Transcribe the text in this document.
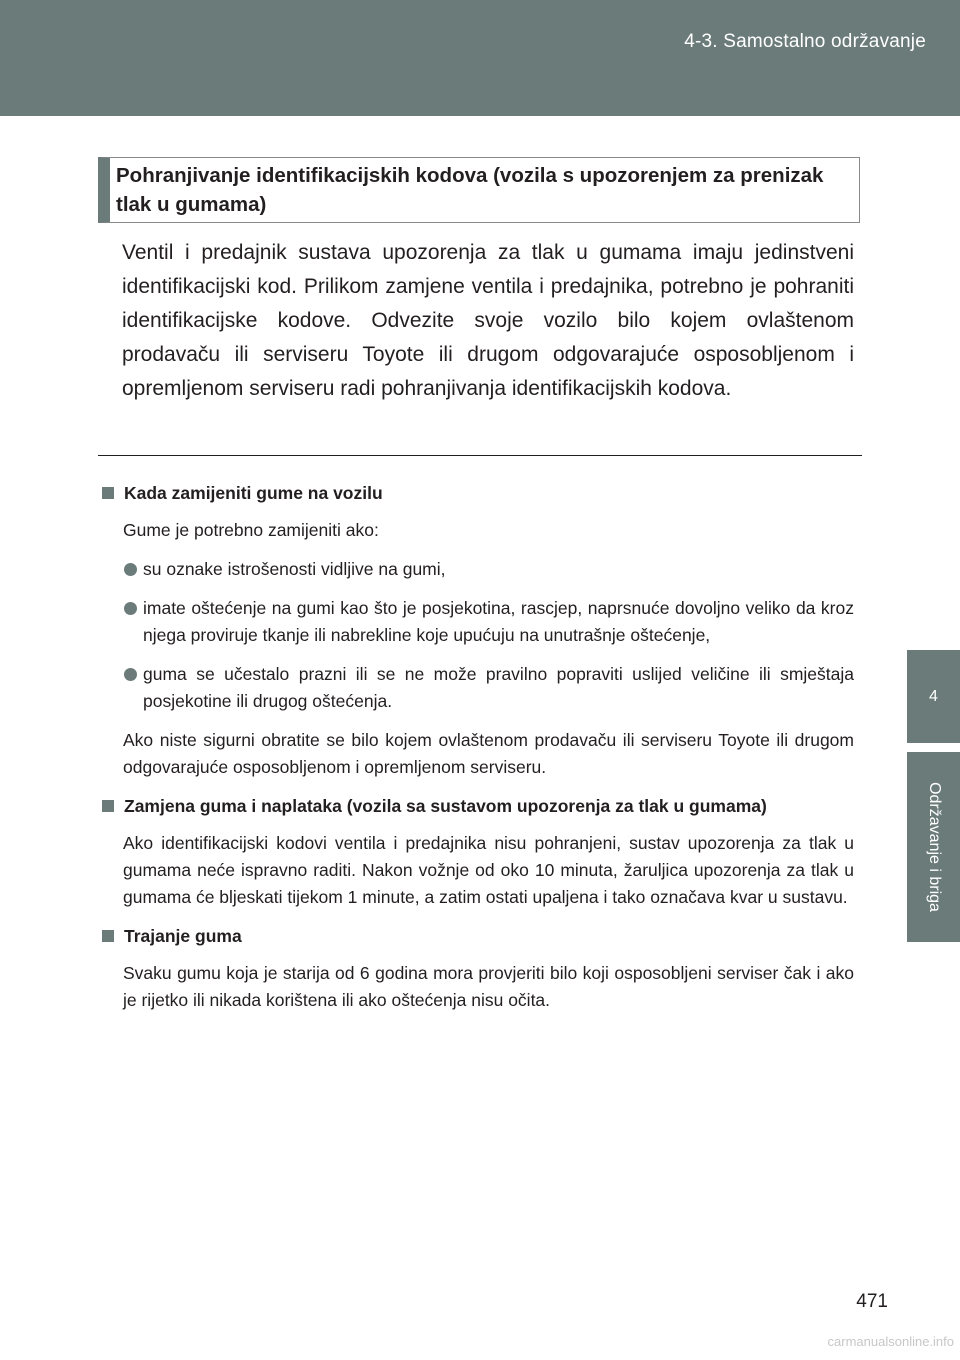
4-3. Samostalno održavanje
4
Održavanje i briga
Pohranjivanje identifikacijskih kodova (vozila s upozorenjem za prenizak tlak u gumama)

Ventil i predajnik sustava upozorenja za tlak u gumama imaju jedinstveni identifikacijski kod. Prilikom zamjene ventila i predajnika, potrebno je pohraniti identifikacijske kodove. Odvezite svoje vozilo bilo kojem ovlaštenom prodavaču ili serviseru Toyote ili drugom odgovarajuće osposobljenom i opremljenom serviseru radi pohranjivanja identifikacijskih kodova.

Kada zamijeniti gume na vozilu

Gume je potrebno zamijeniti ako:

su oznake istrošenosti vidljive na gumi,
imate oštećenje na gumi kao što je posjekotina, rascjep, naprsnuće dovoljno veliko da kroz njega proviruje tkanje ili nabrekline koje upućuju na unutrašnje oštećenje,
guma se učestalo prazni ili se ne može pravilno popraviti uslijed veličine ili smještaja posjekotine ili drugog oštećenja.

Ako niste sigurni obratite se bilo kojem ovlaštenom prodavaču ili serviseru Toyote ili drugom odgovarajuće osposobljenom i opremljenom serviseru.

Zamjena guma i naplataka (vozila sa sustavom upozorenja za tlak u gumama)

Ako identifikacijski kodovi ventila i predajnika nisu pohranjeni, sustav upozorenja za tlak u gumama neće ispravno raditi. Nakon vožnje od oko 10 minuta, žaruljica upozorenja za tlak u gumama će bljeskati tijekom 1 minute, a zatim ostati upaljena i tako označava kvar u sustavu.

Trajanje guma

Svaku gumu koja je starija od 6 godina mora provjeriti bilo koji osposobljeni serviser čak i ako je rijetko ili nikada korištena ili ako oštećenja nisu očita.

471
carmanualsonline.info
